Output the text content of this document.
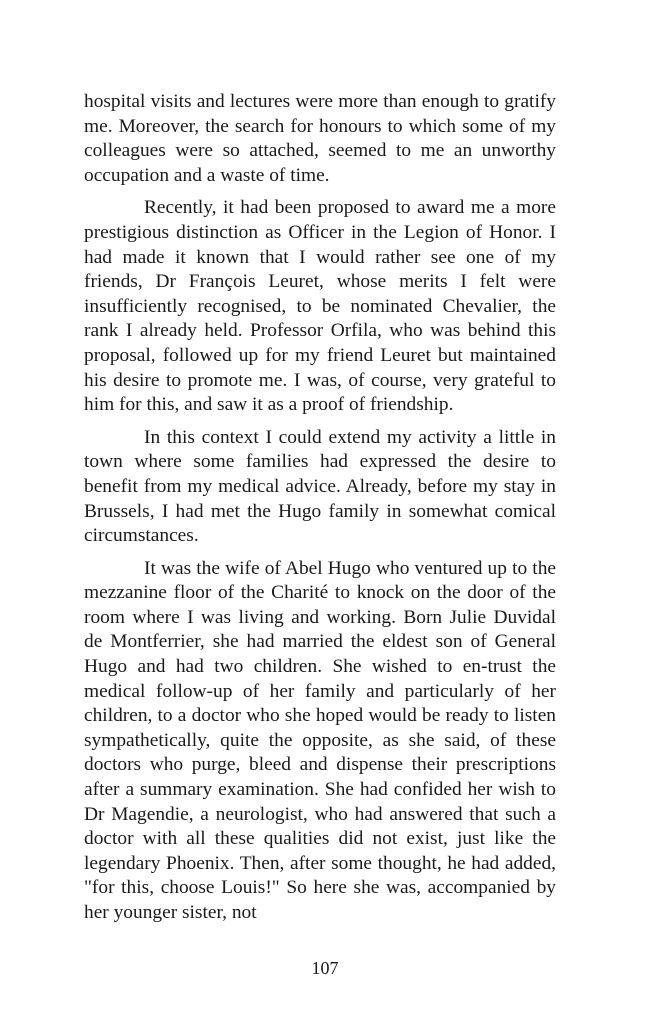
hospital visits and lectures were more than enough to gratify me. Moreover, the search for honours to which some of my colleagues were so attached, seemed to me an unworthy occupation and a waste of time.

Recently, it had been proposed to award me a more prestigious distinction as Officer in the Legion of Honor. I had made it known that I would rather see one of my friends, Dr François Leuret, whose merits I felt were insufficiently recognised, to be nominated Chevalier, the rank I already held. Professor Orfila, who was behind this proposal, followed up for my friend Leuret but maintained his desire to promote me. I was, of course, very grateful to him for this, and saw it as a proof of friendship.

In this context I could extend my activity a little in town where some families had expressed the desire to benefit from my medical advice. Already, before my stay in Brussels, I had met the Hugo family in somewhat comical circumstances.

It was the wife of Abel Hugo who ventured up to the mezzanine floor of the Charité to knock on the door of the room where I was living and working. Born Julie Duvidal de Montferrier, she had married the eldest son of General Hugo and had two children. She wished to en-trust the medical follow-up of her family and particularly of her children, to a doctor who she hoped would be ready to listen sympathetically, quite the opposite, as she said, of these doctors who purge, bleed and dispense their prescriptions after a summary examination. She had confided her wish to Dr Magendie, a neurologist, who had answered that such a doctor with all these qualities did not exist, just like the legendary Phoenix. Then, after some thought, he had added, "for this, choose Louis!" So here she was, accompanied by her younger sister, not

107
